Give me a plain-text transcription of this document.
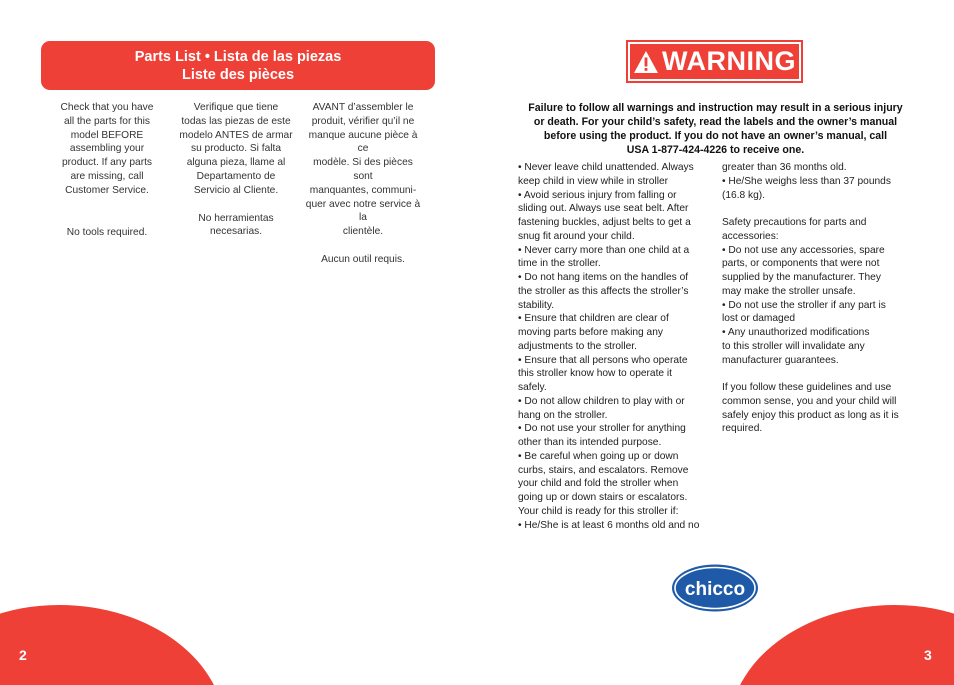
Parts List • Lista de las piezas
Liste des pièces
Check that you have
all the parts for this
model BEFORE
assembling your
product. If any parts
are missing, call
Customer Service.
No tools required.
Verifique que tiene
todas las piezas de este
modelo ANTES de armar
su producto. Si falta
alguna pieza, llame al
Departamento de
Servicio al Cliente.
No herramientas
necesarias.
AVANT d’assembler le
produit, vérifier qu’il ne
manque aucune pièce à ce
modèle. Si des pièces sont
manquantes, communi-
quer avec notre service à la
clientèle.
Aucun outil requis.
2
WARNING
Failure to follow all warnings and instruction may result in a serious injury
or death. For your child’s safety, read the labels and the owner’s manual
before using the product. If you do not have an owner’s manual, call
USA 1-877-424-4226 to receive one.
• Never leave child unattended. Always
keep child in view while in stroller
• Avoid serious injury from falling or
sliding out. Always use seat belt. After
fastening buckles, adjust belts to get a
snug fit around your child.
• Never carry more than one child at a
time in the stroller.
• Do not hang items on the handles of
the stroller as this affects the stroller’s
stability.
• Ensure that children are clear of
moving parts before making any
adjustments to the stroller.
• Ensure that all persons who operate
this stroller know how to operate it
safely.
• Do not allow children to play with or
hang on the stroller.
• Do not use your stroller for anything
other than its intended purpose.
• Be careful when going up or down
curbs, stairs, and escalators. Remove
your child and fold the stroller when
going up or down stairs or escalators.
Your child is ready for this stroller if:
• He/She is at least 6 months old and no
greater than 36 months old.
• He/She weighs less than 37 pounds
(16.8 kg).
Safety precautions for parts and
accessories:
• Do not use any accessories, spare
parts, or components that were not
supplied by the manufacturer. They
may make the stroller unsafe.
• Do not use the stroller if any part is
lost or damaged
• Any unauthorized modifications
to this stroller will invalidate any
manufacturer guarantees.
If you follow these guidelines and use
common sense, you and your child will
safely enjoy this product as long as it is
required.
chicco
3
